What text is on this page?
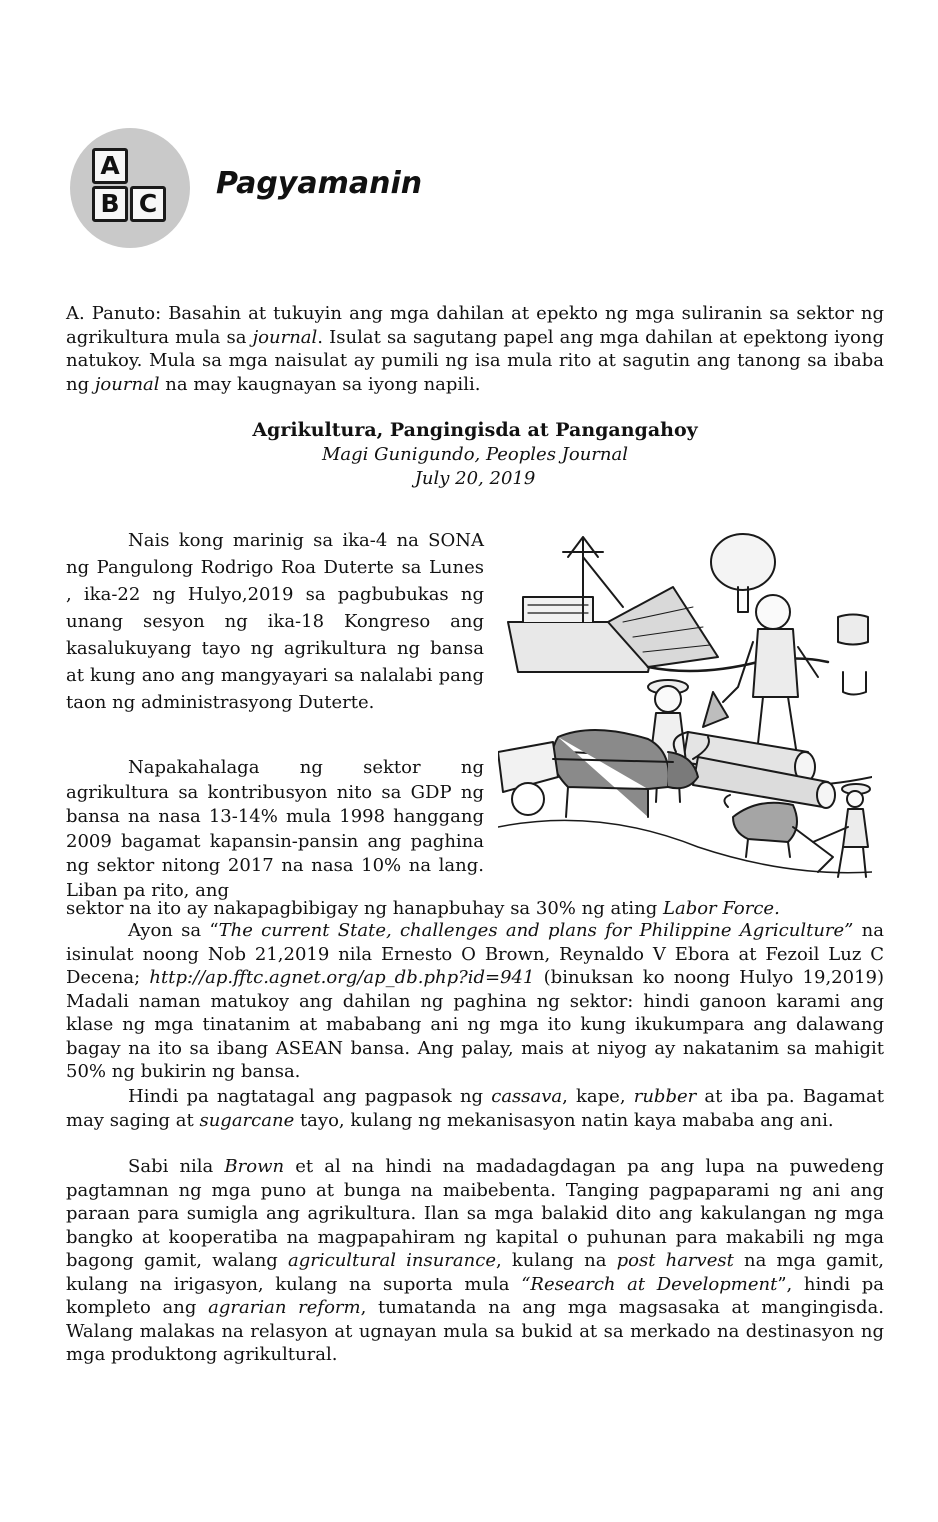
A
B C
Pagyamanin

A. Panuto: Basahin at tukuyin ang mga dahilan at epekto ng mga suliranin sa sektor ng agrikultura mula sa journal. Isulat sa sagutang papel ang mga dahilan at epektong iyong natukoy. Mula sa mga naisulat ay pumili ng isa mula rito at sagutin ang tanong sa ibaba ng journal na may kaugnayan sa iyong napili.

Agrikultura, Pangingisda at Pangangahoy
Magi Gunigundo, Peoples Journal
July 20, 2019

Nais kong marinig sa ika-4 na SONA ng Pangulong Rodrigo Roa Duterte sa Lunes , ika-22 ng Hulyo,2019 sa pagbubukas ng unang sesyon ng ika-18 Kongreso ang kasalukuyang tayo ng agrikultura ng bansa at kung ano ang mangyayari sa nalalabi pang taon ng administrasyong Duterte.

Napakahalaga ng sektor ng agrikultura sa kontribusyon nito sa GDP ng bansa na nasa 13-14% mula 1998 hanggang 2009 bagamat kapansin-pansin ang paghina ng sektor nitong 2017 na nasa 10% na lang. Liban pa rito, ang

sektor na ito ay nakapagbibigay ng hanapbuhay sa 30% ng ating Labor Force.

Ayon sa “The current State, challenges and plans for Philippine Agriculture” na isinulat noong Nob 21,2019 nila Ernesto O Brown, Reynaldo V Ebora at Fezoil Luz C Decena; http://ap.fftc.agnet.org/ap_db.php?id=941 (binuksan ko noong Hulyo 19,2019) Madali naman matukoy ang dahilan ng paghina ng sektor: hindi ganoon karami ang klase ng mga tinatanim at mababang ani ng mga ito kung ikukumpara ang dalawang bagay na ito sa ibang ASEAN bansa. Ang palay, mais at niyog ay nakatanim sa mahigit 50% ng bukirin ng bansa.

Hindi pa nagtatagal ang pagpasok ng cassava, kape, rubber at iba pa. Bagamat may saging at sugarcane tayo, kulang ng mekanisasyon natin kaya mababa ang ani.

Sabi nila Brown et al na hindi na madadagdagan pa ang lupa na puwedeng pagtamnan ng mga puno at bunga na maibebenta. Tanging pagpaparami ng ani ang paraan para sumigla ang agrikultura. Ilan sa mga balakid dito ang kakulangan ng mga bangko at kooperatiba na magpapahiram ng kapital o puhunan para makabili ng mga bagong gamit, walang agricultural insurance, kulang na post harvest na mga gamit, kulang na irigasyon, kulang na suporta mula “Research at Development”, hindi pa kompleto ang agrarian reform, tumatanda na ang mga magsasaka at mangingisda. Walang malakas na relasyon at ugnayan mula sa bukid at sa merkado na destinasyon ng mga produktong agrikultural.
